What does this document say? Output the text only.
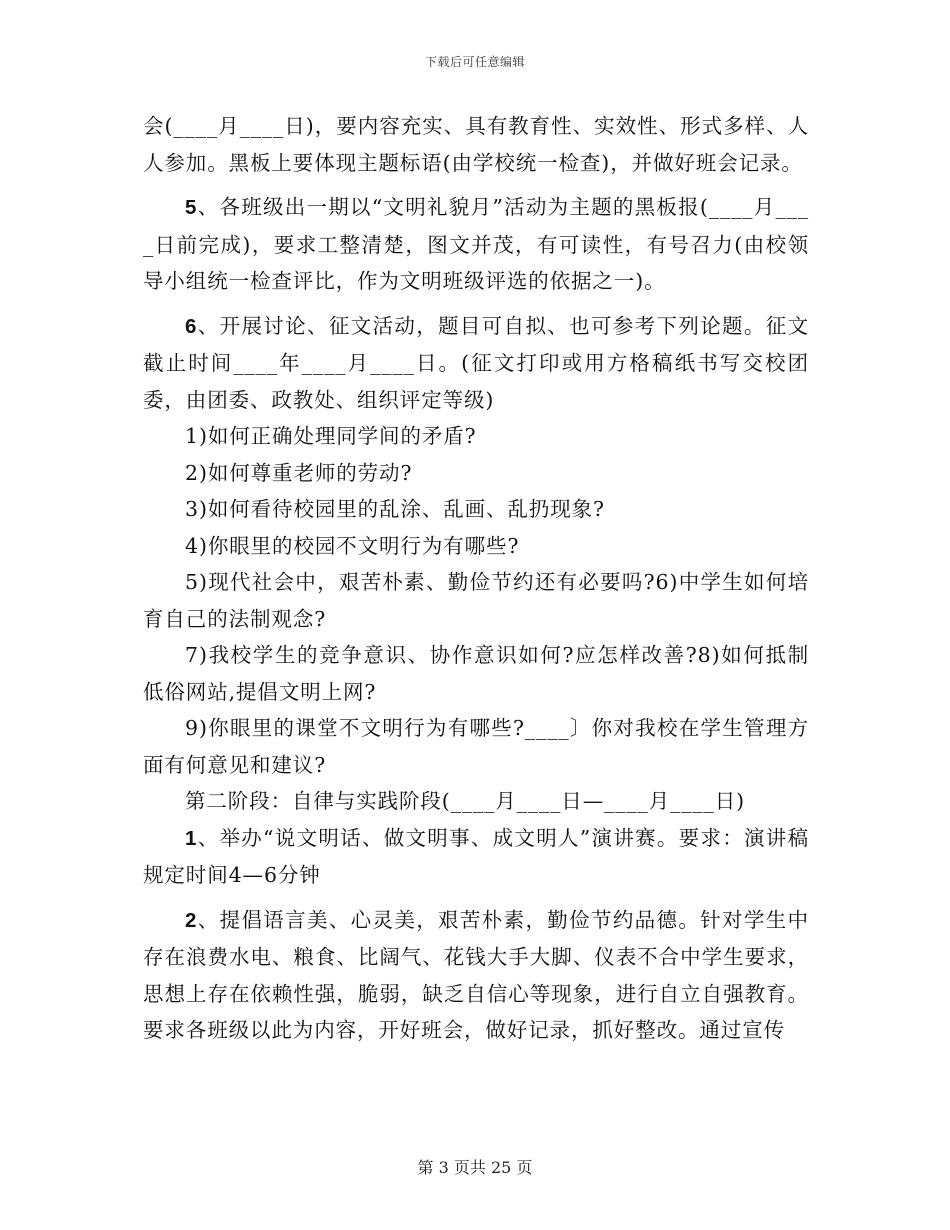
下载后可任意编辑

会(____月____日)，要内容充实、具有教育性、实效性、形式多样、人人参加。黑板上要体现主题标语(由学校统一检查)，并做好班会记录。

5、各班级出一期以“文明礼貌月”活动为主题的黑板报(____月____日前完成)，要求工整清楚，图文并茂，有可读性，有号召力(由校领导小组统一检查评比，作为文明班级评选的依据之一)。

6、开展讨论、征文活动，题目可自拟、也可参考下列论题。征文截止时间____年____月____日。(征文打印或用方格稿纸书写交校团委，由团委、政教处、组织评定等级)

1)如何正确处理同学间的矛盾?

2)如何尊重老师的劳动?

3)如何看待校园里的乱涂、乱画、乱扔现象?

4)你眼里的校园不文明行为有哪些?

5)现代社会中，艰苦朴素、勤俭节约还有必要吗?6)中学生如何培育自己的法制观念?

7)我校学生的竞争意识、协作意识如何?应怎样改善?8)如何抵制低俗网站,提倡文明上网?

9)你眼里的课堂不文明行为有哪些?____〕你对我校在学生管理方面有何意见和建议?

第二阶段：自律与实践阶段(____月____日—____月____日)

1、举办“说文明话、做文明事、成文明人”演讲赛。要求：演讲稿规定时间4—6分钟

2、提倡语言美、心灵美，艰苦朴素，勤俭节约品德。针对学生中存在浪费水电、粮食、比阔气、花钱大手大脚、仪表不合中学生要求，思想上存在依赖性强，脆弱，缺乏自信心等现象，进行自立自强教育。要求各班级以此为内容，开好班会，做好记录，抓好整改。通过宣传

第 3 页共 25 页
